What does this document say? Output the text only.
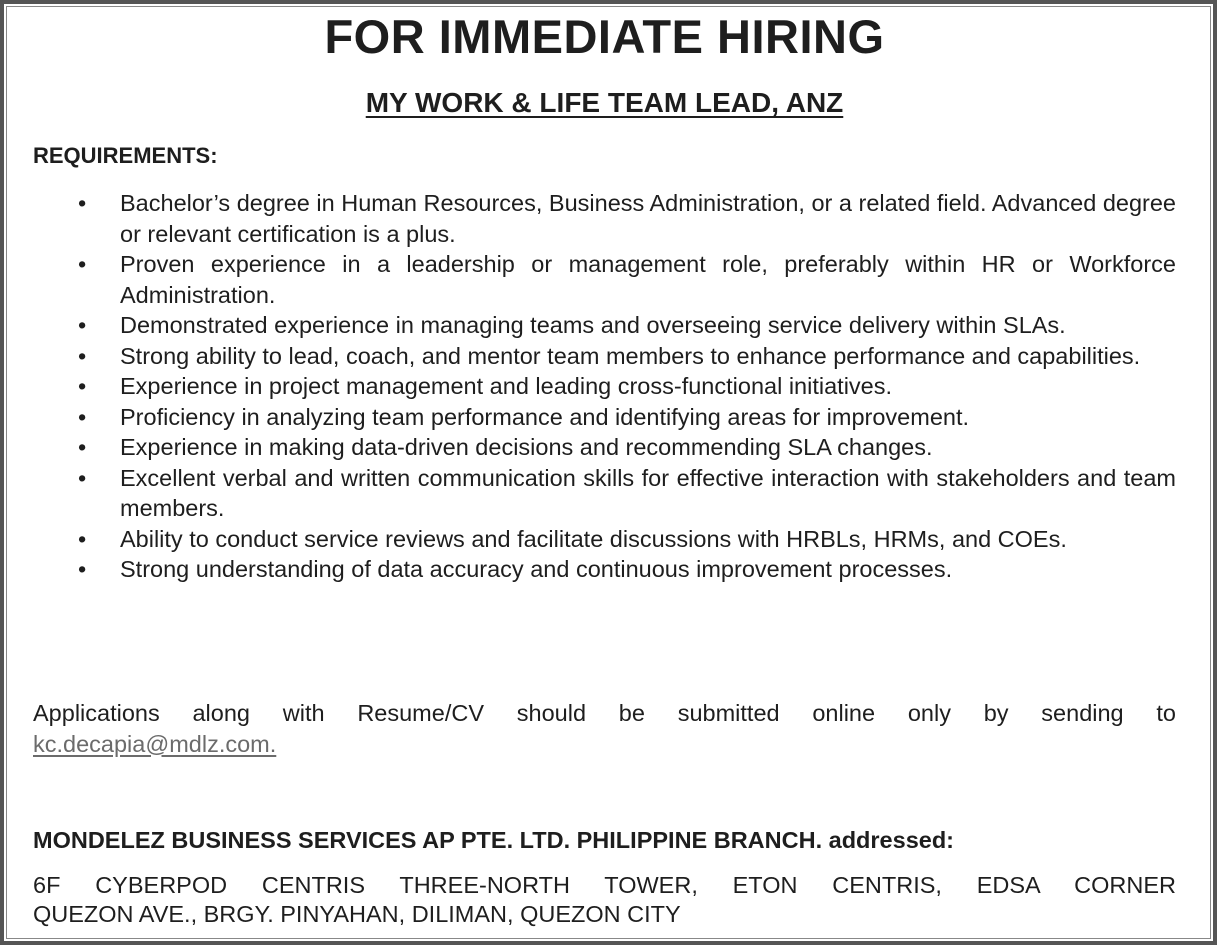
FOR IMMEDIATE HIRING
MY WORK & LIFE TEAM LEAD, ANZ
REQUIREMENTS:
• Bachelor’s degree in Human Resources, Business Administration, or a related field. Advanced degree or relevant certification is a plus.
• Proven experience in a leadership or management role, preferably within HR or Workforce Administration.
• Demonstrated experience in managing teams and overseeing service delivery within SLAs.
• Strong ability to lead, coach, and mentor team members to enhance performance and capabilities.
• Experience in project management and leading cross-functional initiatives.
• Proficiency in analyzing team performance and identifying areas for improvement.
• Experience in making data-driven decisions and recommending SLA changes.
• Excellent verbal and written communication skills for effective interaction with stakeholders and team members.
• Ability to conduct service reviews and facilitate discussions with HRBLs, HRMs, and COEs.
• Strong understanding of data accuracy and continuous improvement processes.
Applications along with Resume/CV should be submitted online only by sending to
kc.decapia@mdlz.com.
MONDELEZ BUSINESS SERVICES AP PTE. LTD. PHILIPPINE BRANCH. addressed:
6F CYBERPOD CENTRIS THREE-NORTH TOWER, ETON CENTRIS, EDSA CORNER
QUEZON AVE., BRGY. PINYAHAN, DILIMAN, QUEZON CITY
